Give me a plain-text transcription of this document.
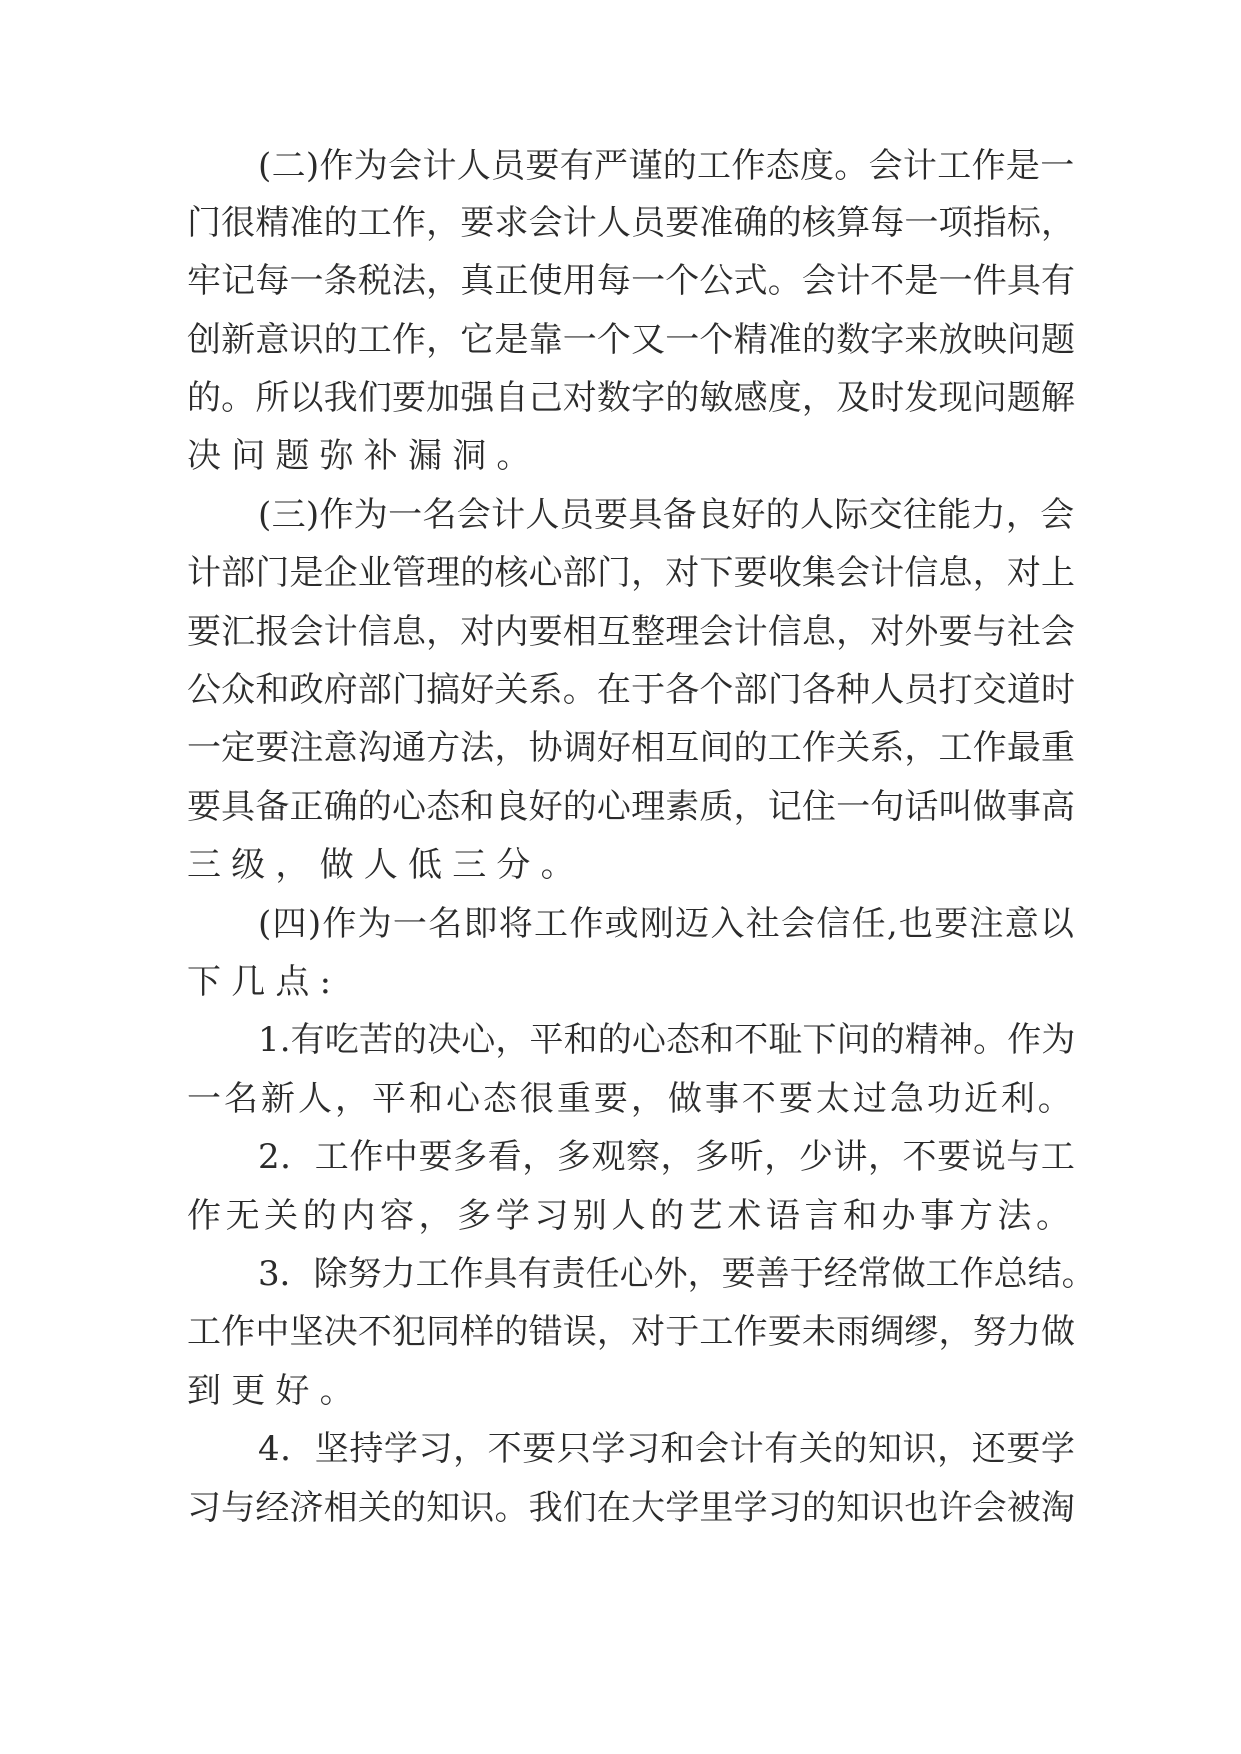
(二)作为会计人员要有严谨的工作态度。会计工作是一

门很精准的工作，要求会计人员要准确的核算每一项指标，

牢记每一条税法，真正使用每一个公式。会计不是一件具有

创新意识的工作，它是靠一个又一个精准的数字来放映问题

的。所以我们要加强自己对数字的敏感度，及时发现问题解

决问题弥补漏洞。

(三)作为一名会计人员要具备良好的人际交往能力，会

计部门是企业管理的核心部门，对下要收集会计信息，对上

要汇报会计信息，对内要相互整理会计信息，对外要与社会

公众和政府部门搞好关系。在于各个部门各种人员打交道时

一定要注意沟通方法，协调好相互间的工作关系，工作最重

要具备正确的心态和良好的心理素质，记住一句话叫做事高

三级，做人低三分。

(四)作为一名即将工作或刚迈入社会信任,也要注意以

下几点:

1.有吃苦的决心，平和的心态和不耻下问的精神。作为

一名新人，平和心态很重要，做事不要太过急功近利。

2．工作中要多看，多观察，多听，少讲，不要说与工

作无关的内容，多学习别人的艺术语言和办事方法。

3．除努力工作具有责任心外，要善于经常做工作总结。

工作中坚决不犯同样的错误，对于工作要未雨绸缪，努力做

到更好。

4．坚持学习，不要只学习和会计有关的知识，还要学

习与经济相关的知识。我们在大学里学习的知识也许会被淘
